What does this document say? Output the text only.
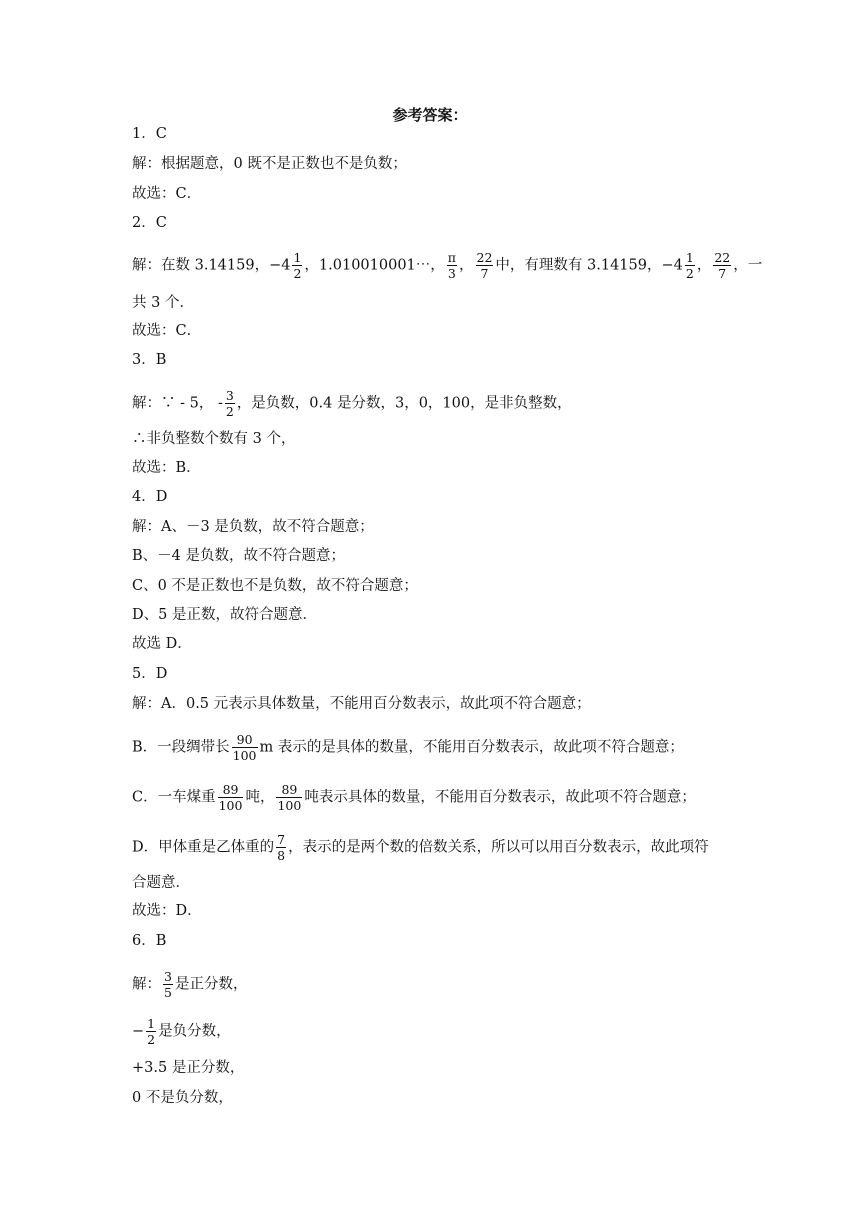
参考答案：
1．C
解：根据题意，0 既不是正数也不是负数；
故选：C．
2．C
解：在数 3.14159，$-4 \frac{1}{2}$ ，1.010010001⋯， $\frac{\pi}{3}$ ， $\frac{22}{7}$ 中，有理数有 3.14159，$-4 \frac{1}{2}$ ， $\frac{22}{7}$ ，一
共 3 个．
故选：C．
3．B
解：∵ - 5， - $\frac{3}{2}$ ，是负数，0.4 是分数，3，0，100，是非负整数，
∴非负整数个数有 3 个，
故选：B．
4．D
解：A、－3 是负数，故不符合题意；
B、－4 是负数，故不符合题意；
C、0 不是正数也不是负数，故不符合题意；
D、5 是正数，故符合题意．
故选 D．
5．D
解：A．0.5 元表示具体数量，不能用百分数表示，故此项不符合题意；
B．一段绸带长 $\frac{90}{100}$ m 表示的是具体的数量，不能用百分数表示，故此项不符合题意；
C．一车煤重 $\frac{89}{100}$ 吨， $\frac{89}{100}$ 吨表示具体的数量，不能用百分数表示，故此项不符合题意；
D．甲体重是乙体重的 $\frac{7}{8}$ ，表示的是两个数的倍数关系，所以可以用百分数表示，故此项符
合题意．
故选：D．
6．B
解： $\frac{3}{5}$ 是正分数，
− $\frac{1}{2}$ 是负分数，
+3.5 是正分数，
0 不是负分数，
